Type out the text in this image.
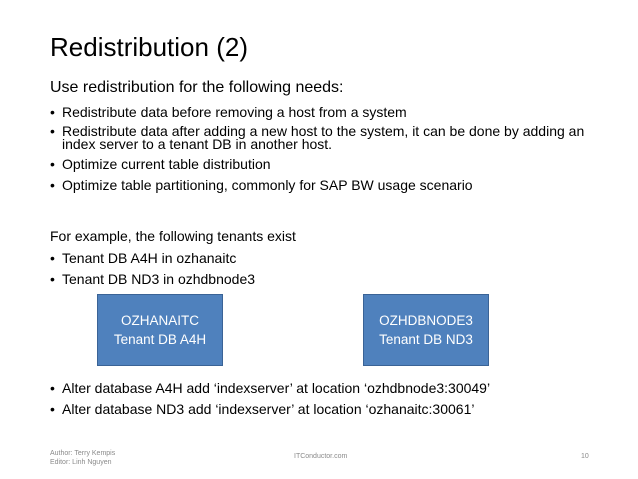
Redistribution (2)
Use redistribution for the following needs:
• Redistribute data before removing a host from a system
• Redistribute data after adding a new host to the system, it can be done by adding an index server to a tenant DB in another host.
• Optimize current table distribution
• Optimize table partitioning, commonly for SAP BW usage scenario
For example, the following tenants exist
• Tenant DB A4H in ozhanaitc
• Tenant DB ND3 in ozhdbnode3
OZHANAITC
Tenant DB A4H
OZHDBNODE3
Tenant DB ND3
• Alter database A4H add ‘indexserver’ at location ‘ozhdbnode3:30049’
• Alter database ND3 add ‘indexserver’ at location ‘ozhanaitc:30061’
Author: Terry Kempis
Editor: Linh Nguyen
ITConductor.com	10
